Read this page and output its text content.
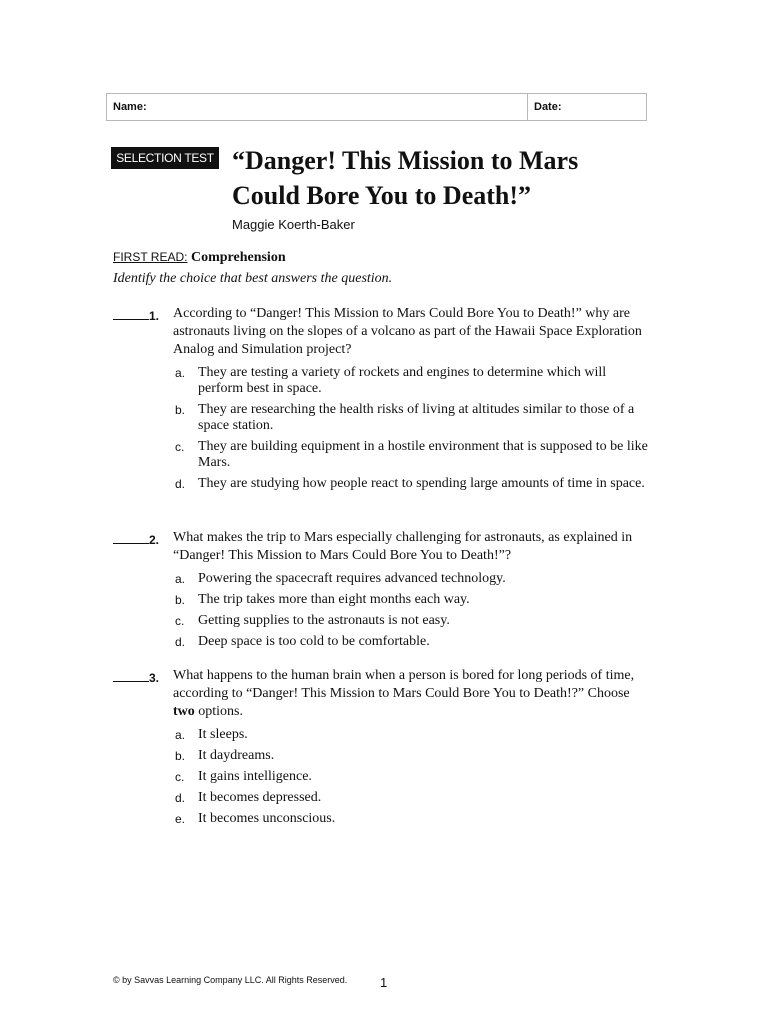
Name:	Date:
SELECTION TEST “Danger! This Mission to Mars
Could Bore You to Death!”
Maggie Koerth-Baker
FIRST READ: Comprehension
Identify the choice that best answers the question.
1. According to “Danger! This Mission to Mars Could Bore You to Death!” why are astronauts living on the slopes of a volcano as part of the Hawaii Space Exploration Analog and Simulation project?
a. They are testing a variety of rockets and engines to determine which will perform best in space.
b. They are researching the health risks of living at altitudes similar to those of a space station.
c. They are building equipment in a hostile environment that is supposed to be like Mars.
d. They are studying how people react to spending large amounts of time in space.
2. What makes the trip to Mars especially challenging for astronauts, as explained in “Danger! This Mission to Mars Could Bore You to Death!”?
a. Powering the spacecraft requires advanced technology.
b. The trip takes more than eight months each way.
c. Getting supplies to the astronauts is not easy.
d. Deep space is too cold to be comfortable.
3. What happens to the human brain when a person is bored for long periods of time, according to “Danger! This Mission to Mars Could Bore You to Death!?” Choose two options.
a. It sleeps.
b. It daydreams.
c. It gains intelligence.
d. It becomes depressed.
e. It becomes unconscious.
© by Savvas Learning Company LLC. All Rights Reserved.	1
